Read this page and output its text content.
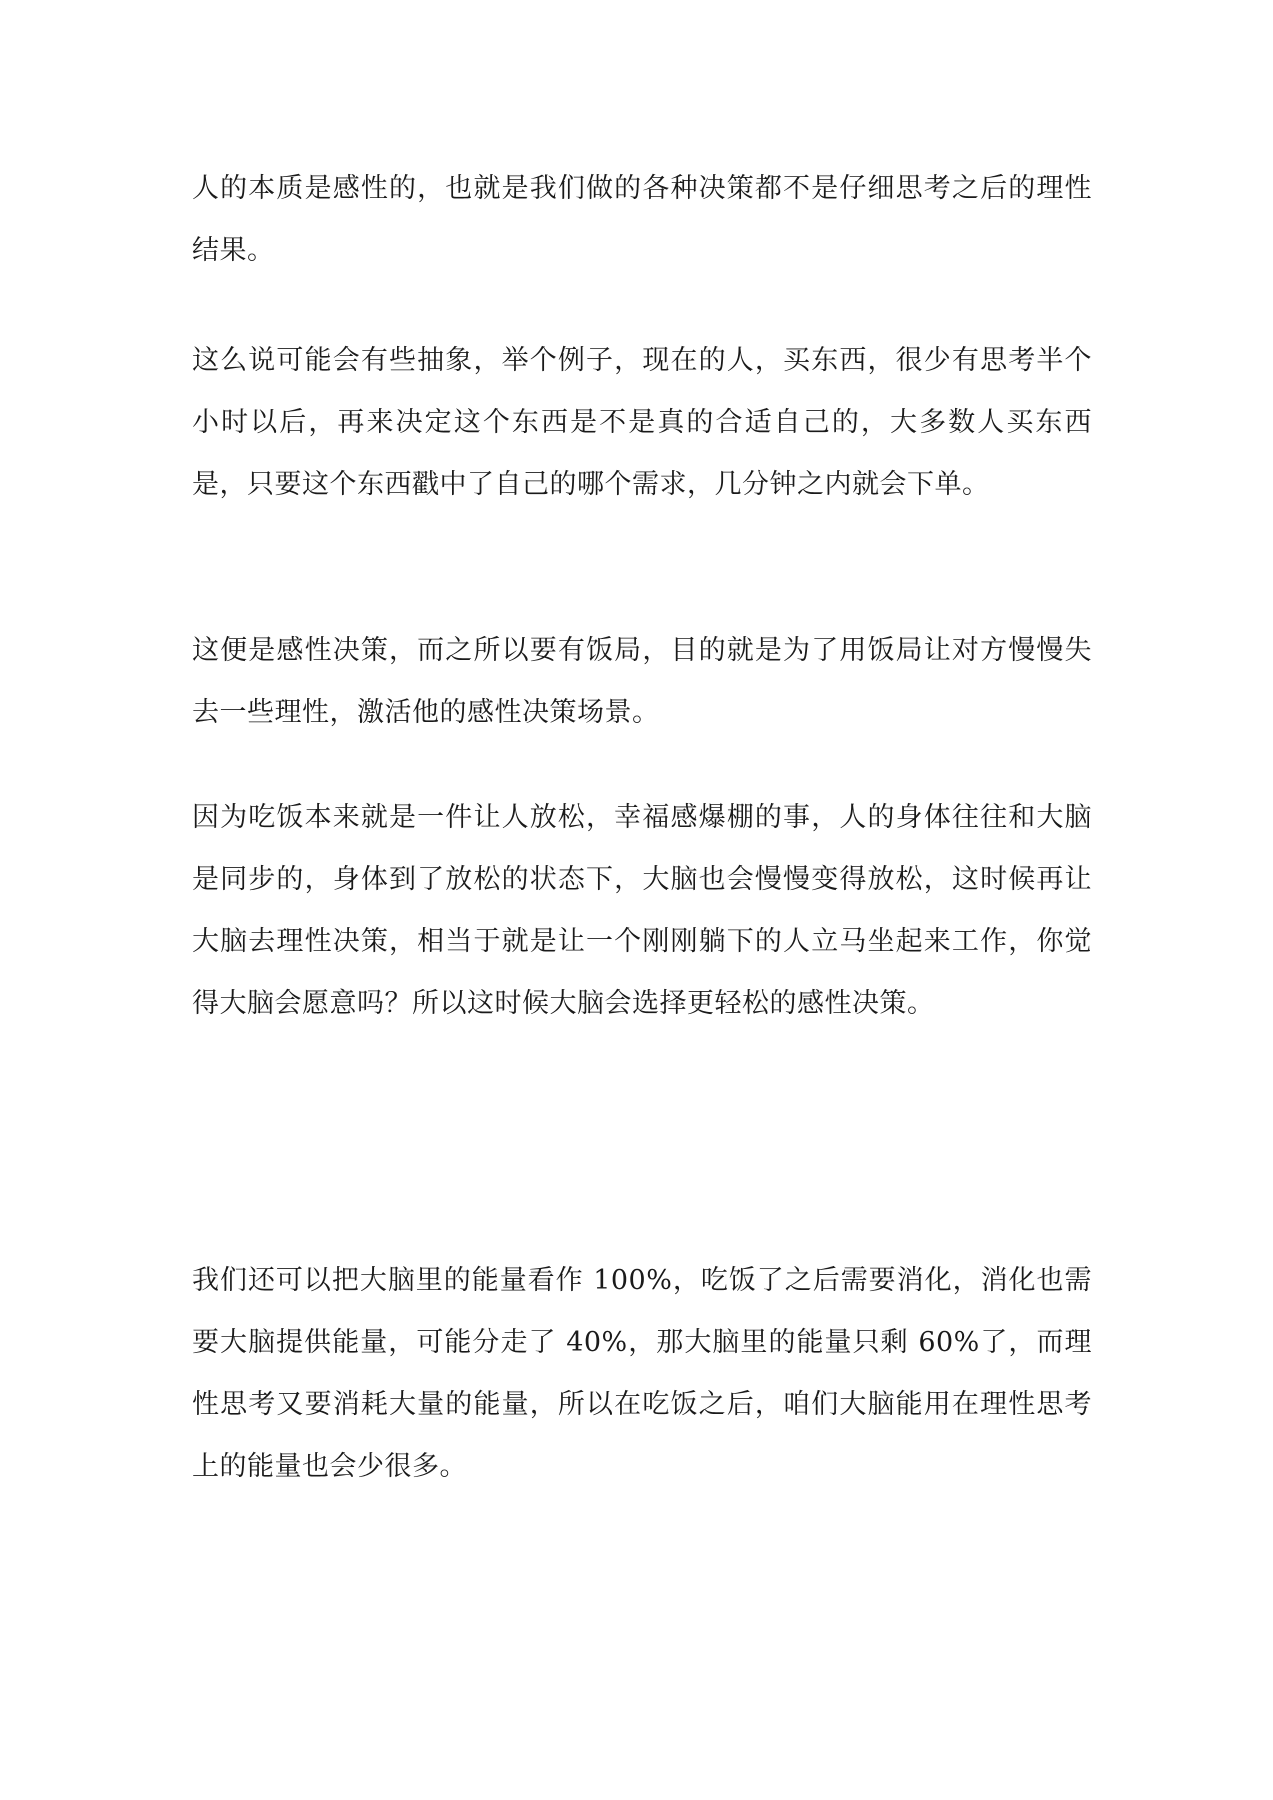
人的本质是感性的，也就是我们做的各种决策都不是仔细思考之后的理性结果。

这么说可能会有些抽象，举个例子，现在的人，买东西，很少有思考半个小时以后，再来决定这个东西是不是真的合适自己的，大多数人买东西是，只要这个东西戳中了自己的哪个需求，几分钟之内就会下单。

这便是感性决策，而之所以要有饭局，目的就是为了用饭局让对方慢慢失去一些理性，激活他的感性决策场景。

因为吃饭本来就是一件让人放松，幸福感爆棚的事，人的身体往往和大脑是同步的，身体到了放松的状态下，大脑也会慢慢变得放松，这时候再让大脑去理性决策，相当于就是让一个刚刚躺下的人立马坐起来工作，你觉得大脑会愿意吗？所以这时候大脑会选择更轻松的感性决策。

我们还可以把大脑里的能量看作 100%，吃饭了之后需要消化，消化也需要大脑提供能量，可能分走了 40%，那大脑里的能量只剩 60%了，而理性思考又要消耗大量的能量，所以在吃饭之后，咱们大脑能用在理性思考上的能量也会少很多。
